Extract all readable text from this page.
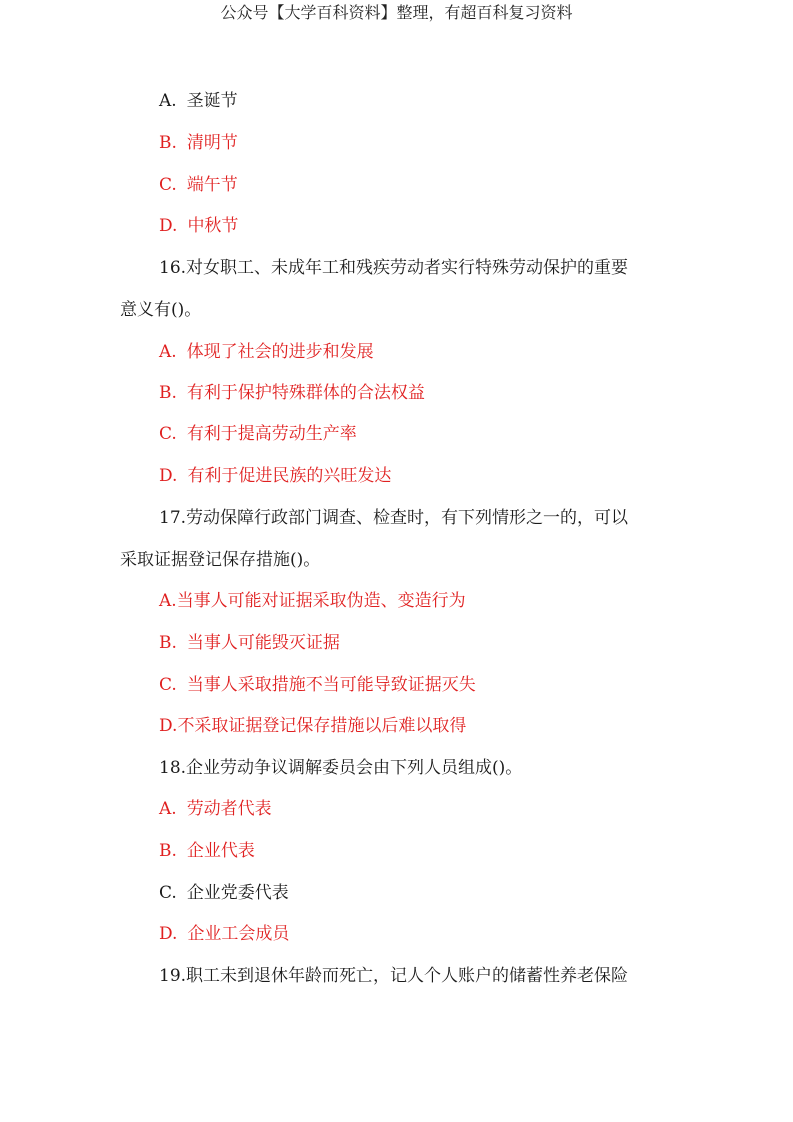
公众号【大学百科资料】整理，有超百科复习资料
A. 圣诞节
B. 清明节
C. 端午节
D. 中秋节
16.对女职工、未成年工和残疾劳动者实行特殊劳动保护的重要
意义有()。
A. 体现了社会的进步和发展
B. 有利于保护特殊群体的合法权益
C. 有利于提高劳动生产率
D. 有利于促进民族的兴旺发达
17.劳动保障行政部门调查、检查时，有下列情形之一的，可以
采取证据登记保存措施()。
A.当事人可能对证据采取伪造、变造行为
B. 当事人可能毁灭证据
C. 当事人采取措施不当可能导致证据灭失
D.不采取证据登记保存措施以后难以取得
18.企业劳动争议调解委员会由下列人员组成()。
A. 劳动者代表
B. 企业代表
C. 企业党委代表
D. 企业工会成员
19.职工未到退休年龄而死亡，记人个人账户的储蓄性养老保险
